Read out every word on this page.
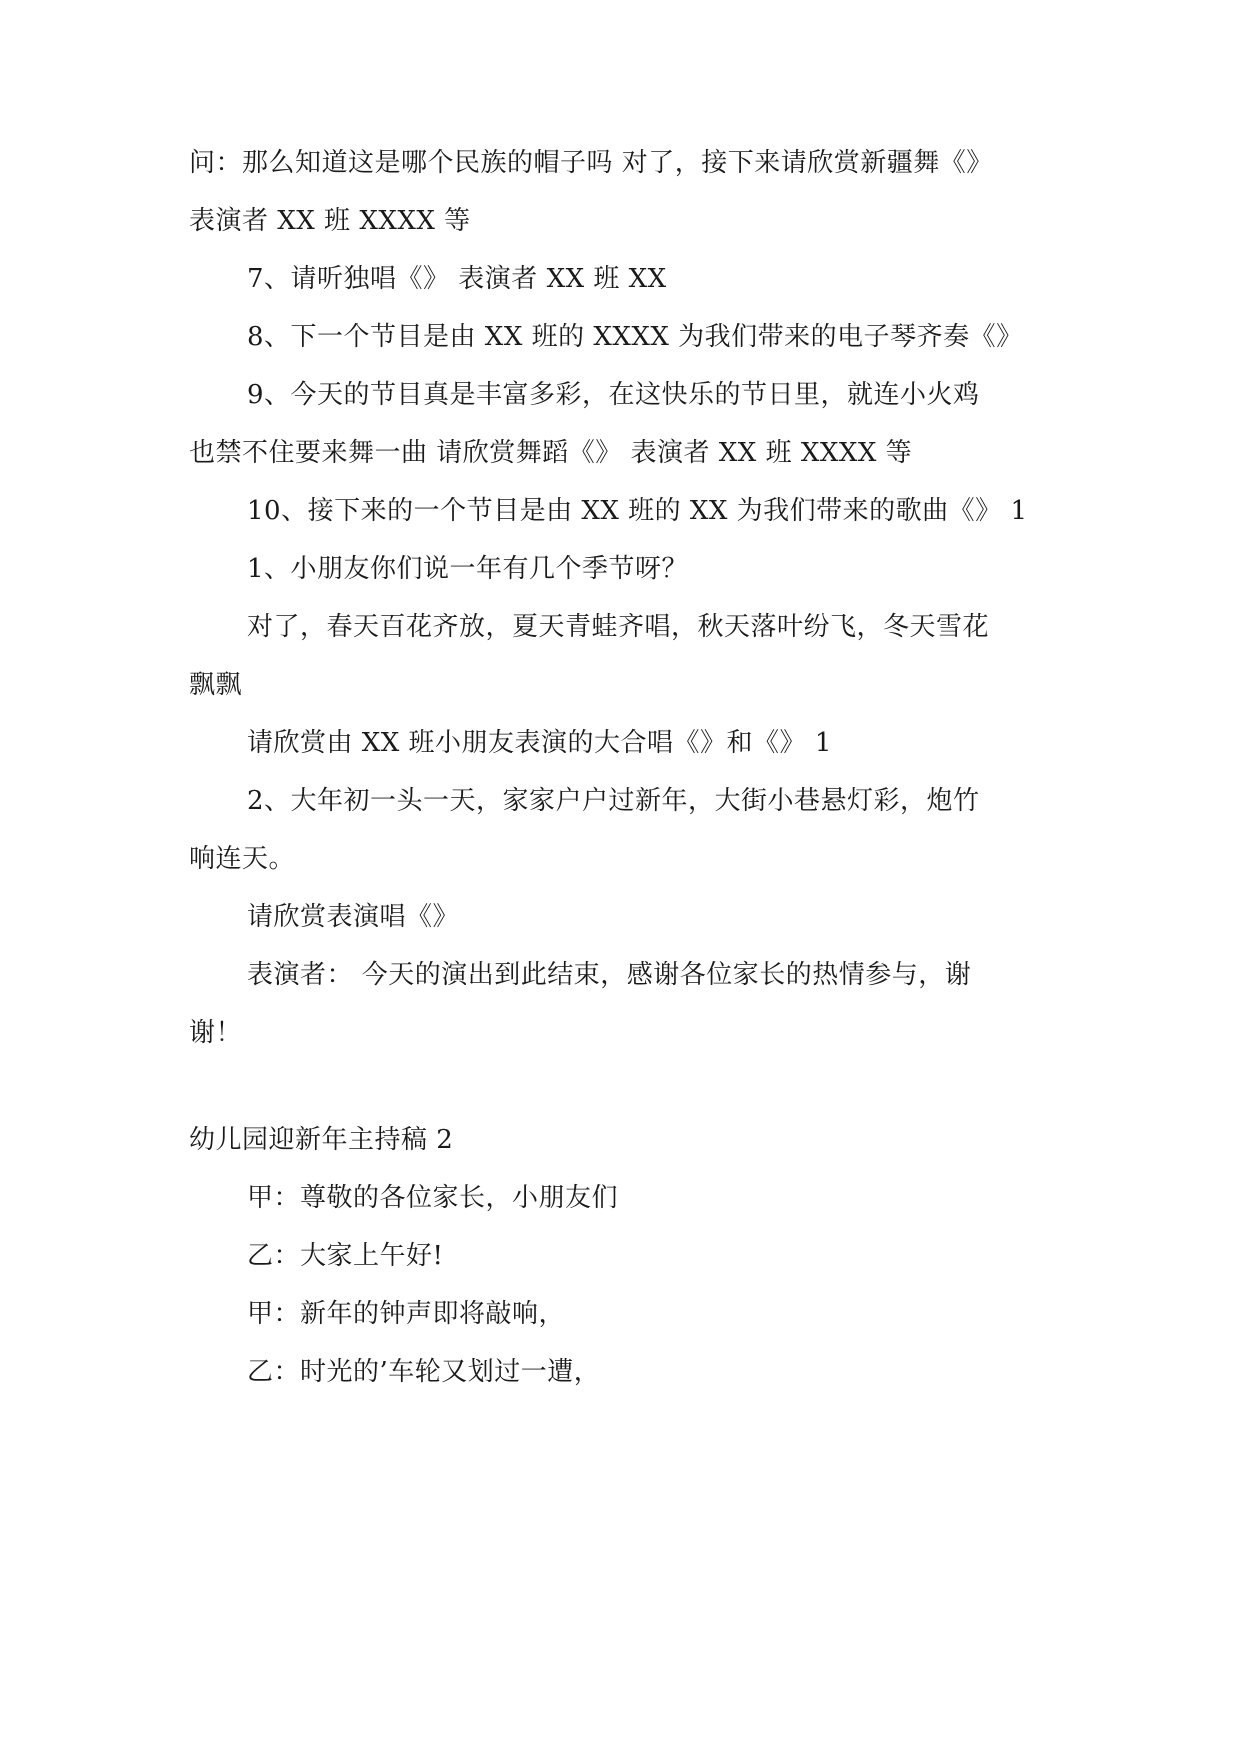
问：那么知道这是哪个民族的帽子吗 对了，接下来请欣赏新疆舞《》
表演者 XX 班 XXXX 等
7、请听独唱《》 表演者 XX 班 XX
8、下一个节目是由 XX 班的 XXXX 为我们带来的电子琴齐奏《》
9、今天的节目真是丰富多彩，在这快乐的节日里，就连小火鸡
也禁不住要来舞一曲 请欣赏舞蹈《》 表演者 XX 班 XXXX 等
10、接下来的一个节目是由 XX 班的 XX 为我们带来的歌曲《》 1
1、小朋友你们说一年有几个季节呀？
对了，春天百花齐放，夏天青蛙齐唱，秋天落叶纷飞，冬天雪花
飘飘
请欣赏由 XX 班小朋友表演的大合唱《》和《》 1
2、大年初一头一天，家家户户过新年，大街小巷悬灯彩，炮竹
响连天。
请欣赏表演唱《》
表演者： 今天的演出到此结束，感谢各位家长的热情参与，谢
谢！
幼儿园迎新年主持稿 2
甲：尊敬的各位家长，小朋友们
乙：大家上午好!
甲：新年的钟声即将敲响，
乙：时光的’车轮又划过一遭，
